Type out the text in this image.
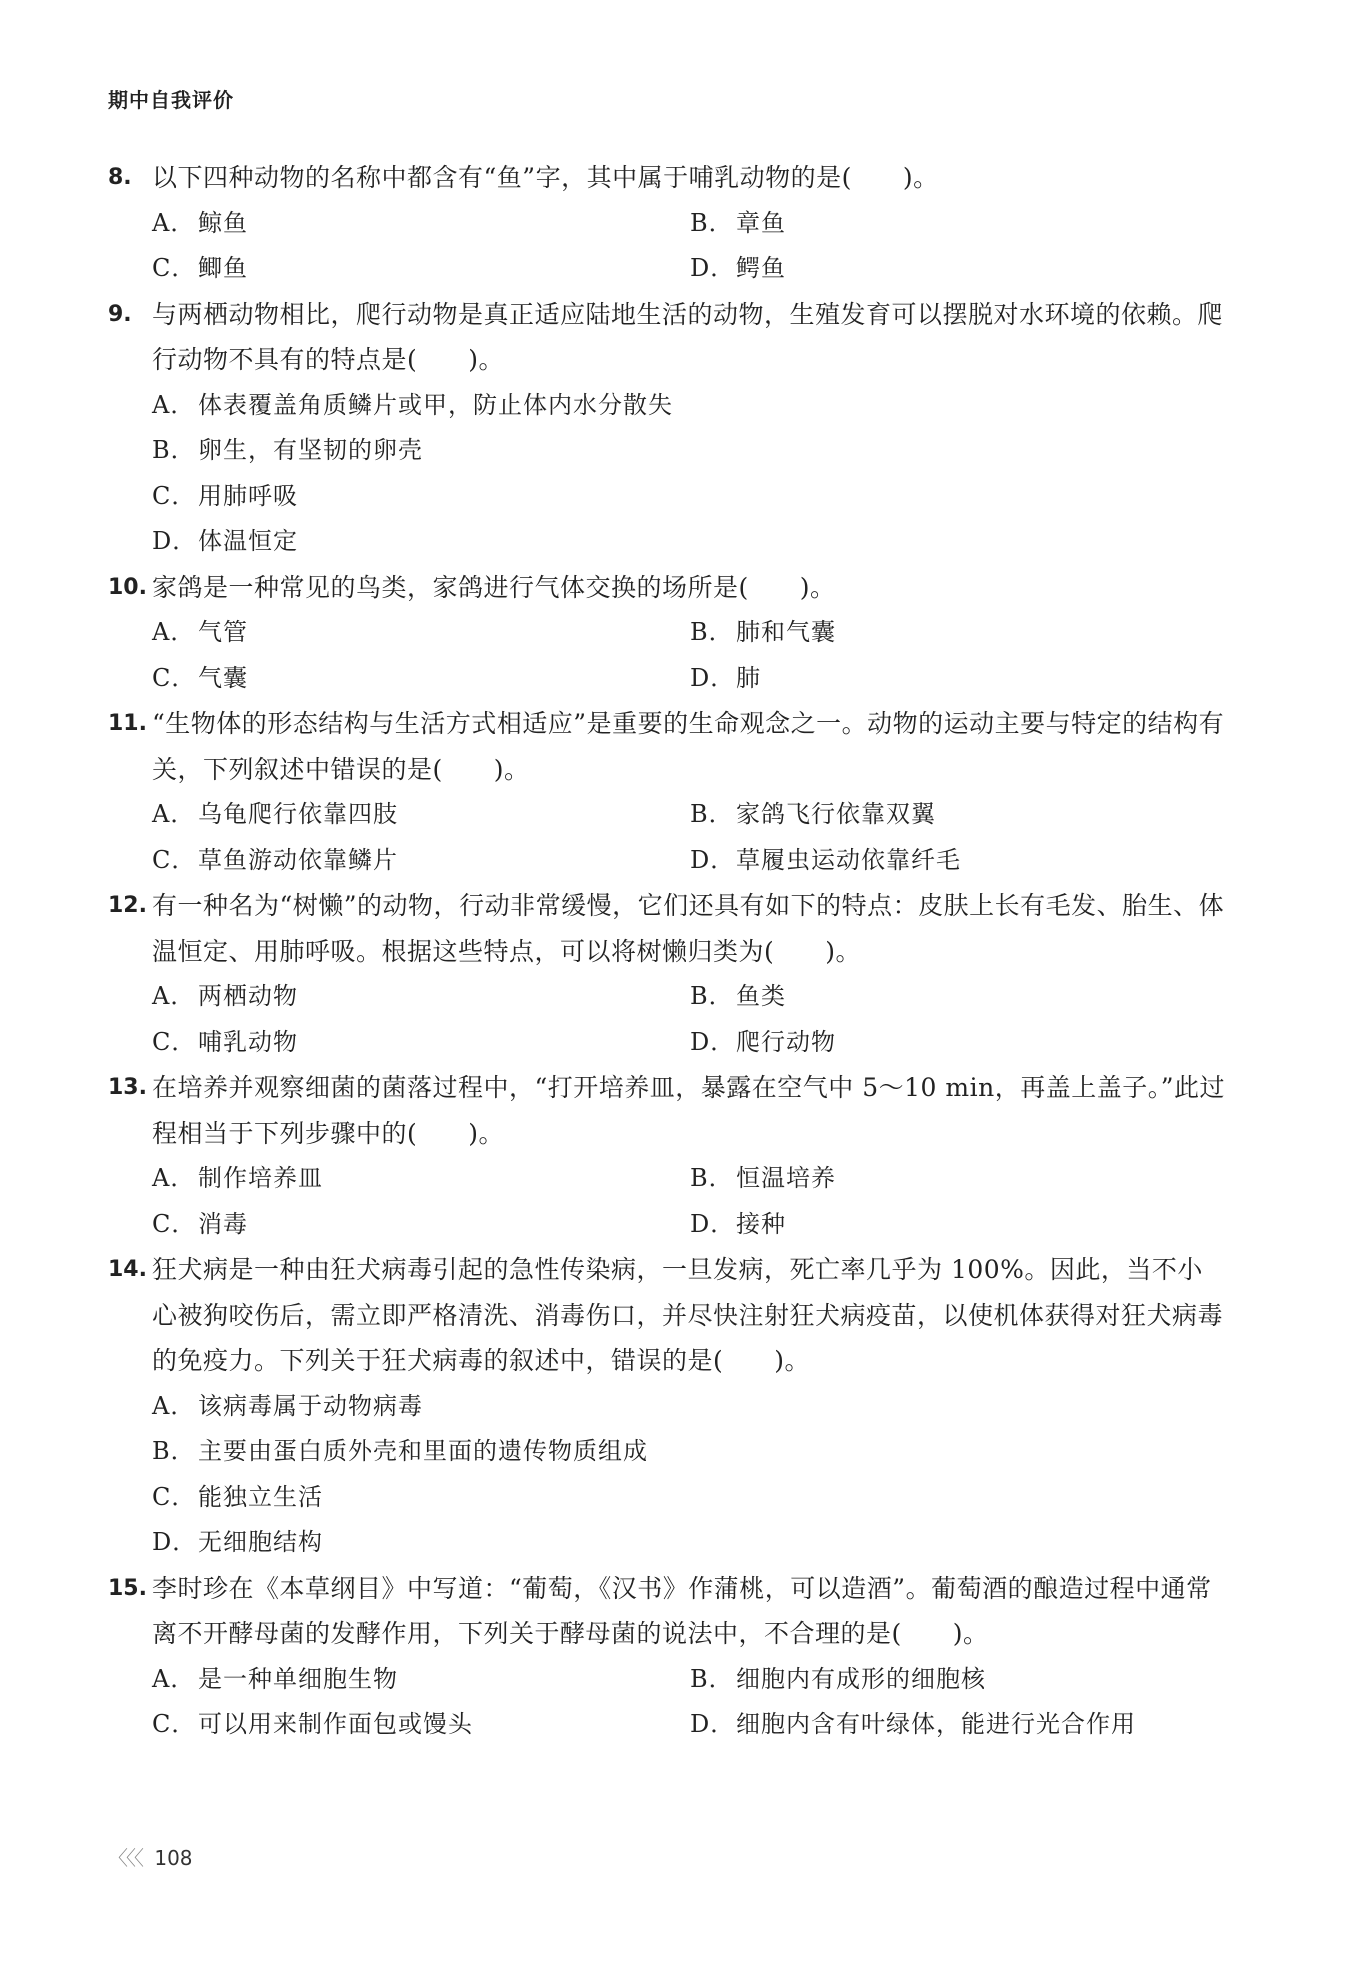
期中自我评价
8. 以下四种动物的名称中都含有“鱼”字，其中属于哺乳动物的是(　　)。
A． 鲸鱼	B．章鱼
C．鲫鱼	D．鳄鱼
9. 与两栖动物相比，爬行动物是真正适应陆地生活的动物，生殖发育可以摆脱对水环境的依赖。爬行动物不具有的特点是(　　)。
A． 体表覆盖角质鳞片或甲，防止体内水分散失
B．卵生，有坚韧的卵壳
C．用肺呼吸
D．体温恒定
10. 家鸽是一种常见的鸟类，家鸽进行气体交换的场所是(　　)。
A． 气管	B．肺和气囊
C．气囊	D．肺
11. “生物体的形态结构与生活方式相适应”是重要的生命观念之一。动物的运动主要与特定的结构有关，下列叙述中错误的是(　　)。
A． 乌龟爬行依靠四肢	B．家鸽飞行依靠双翼
C．草鱼游动依靠鳞片	D．草履虫运动依靠纤毛
12. 有一种名为“树懒”的动物，行动非常缓慢，它们还具有如下的特点：皮肤上长有毛发、胎生、体温恒定、用肺呼吸。根据这些特点，可以将树懒归类为(　　)。
A． 两栖动物	B．鱼类
C．哺乳动物	D．爬行动物
13. 在培养并观察细菌的菌落过程中，“打开培养皿，暴露在空气中 5～10 min，再盖上盖子。”此过程相当于下列步骤中的(　　)。
A． 制作培养皿	B．恒温培养
C．消毒	D．接种
14. 狂犬病是一种由狂犬病毒引起的急性传染病，一旦发病，死亡率几乎为 100%。因此，当不小心被狗咬伤后，需立即严格清洗、消毒伤口，并尽快注射狂犬病疫苗，以使机体获得对狂犬病毒的免疫力。下列关于狂犬病毒的叙述中，错误的是(　　)。
A． 该病毒属于动物病毒
B．主要由蛋白质外壳和里面的遗传物质组成
C．能独立生活
D．无细胞结构
15. 李时珍在《本草纲目》中写道：“葡萄，《汉书》作蒲桃，可以造酒”。葡萄酒的酿造过程中通常离不开酵母菌的发酵作用，下列关于酵母菌的说法中，不合理的是(　　)。
A． 是一种单细胞生物	B．细胞内有成形的细胞核
C．可以用来制作面包或馒头	D．细胞内含有叶绿体，能进行光合作用
〈〈〈 108
